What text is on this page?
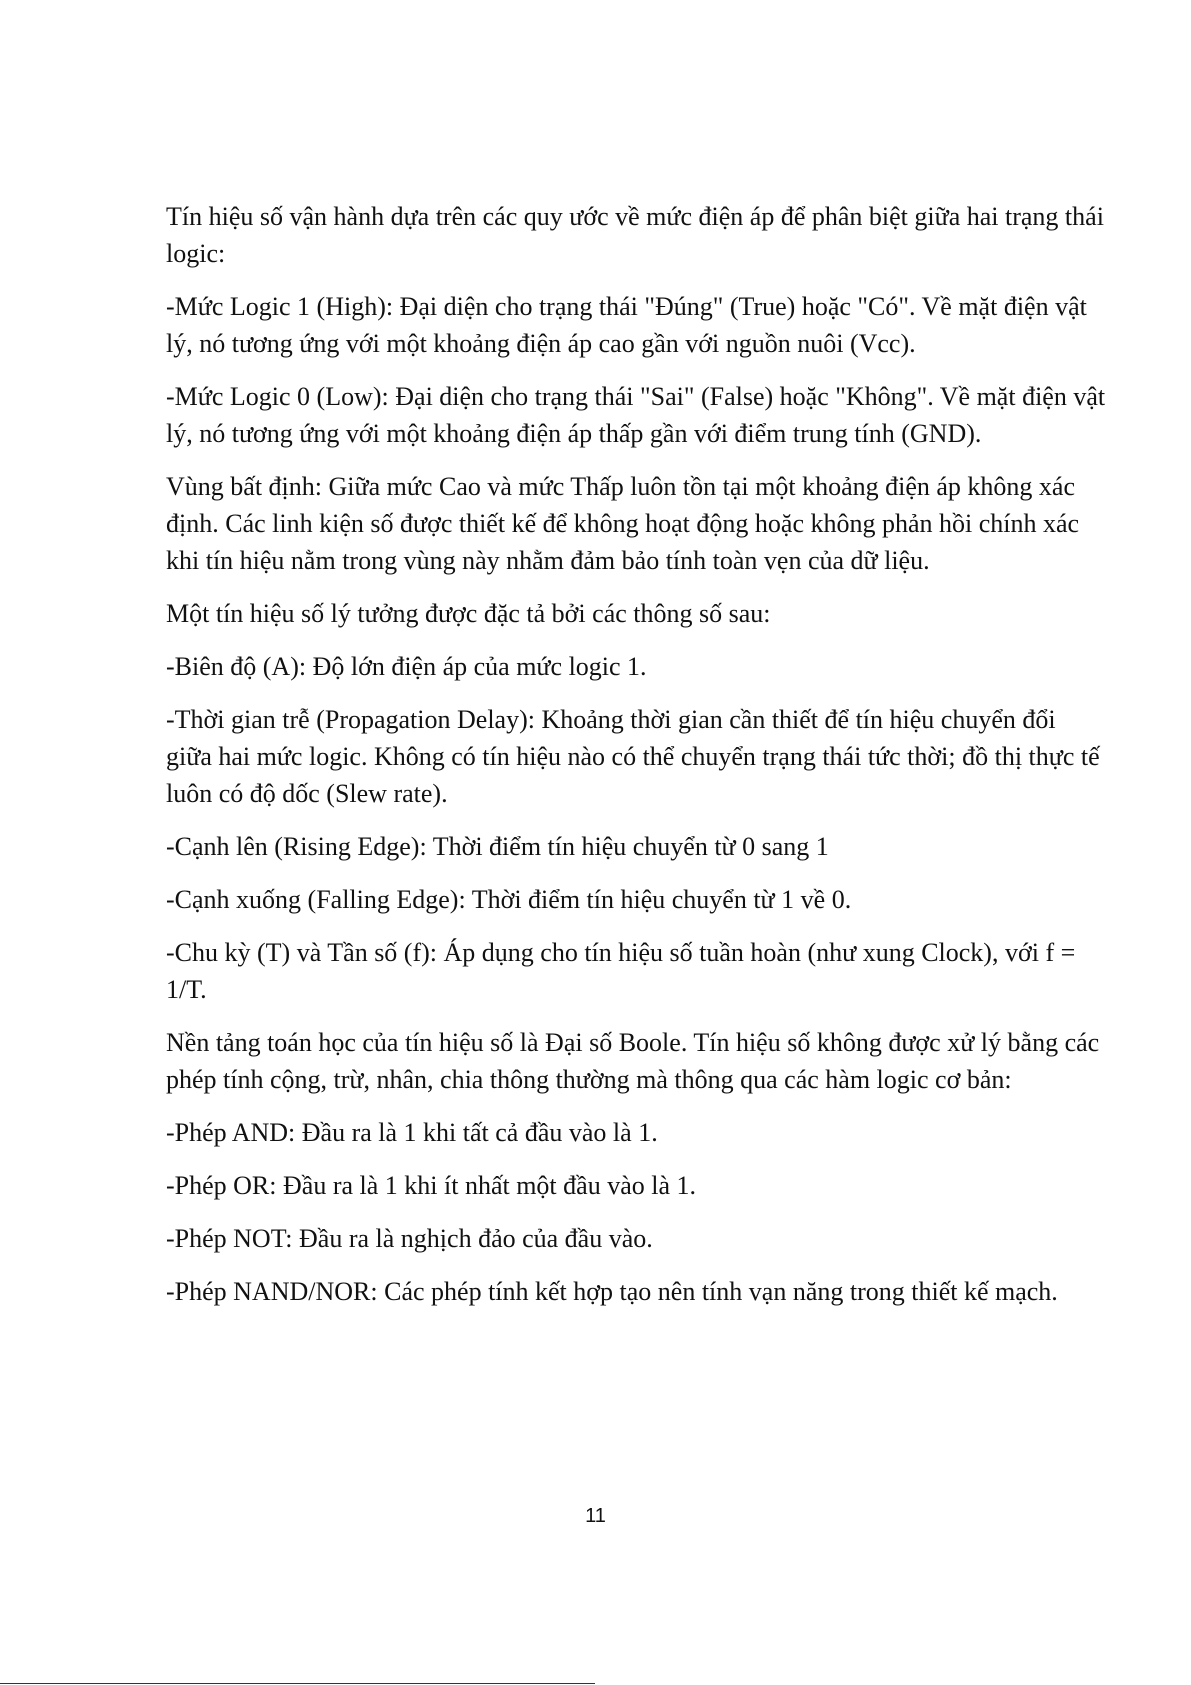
Tín hiệu số vận hành dựa trên các quy ước về mức điện áp để phân biệt giữa hai trạng thái logic:

-Mức Logic 1 (High): Đại diện cho trạng thái "Đúng" (True) hoặc "Có". Về mặt điện vật lý, nó tương ứng với một khoảng điện áp cao gần với nguồn nuôi (Vcc).

-Mức Logic 0 (Low): Đại diện cho trạng thái "Sai" (False) hoặc "Không". Về mặt điện vật lý, nó tương ứng với một khoảng điện áp thấp gần với điểm trung tính (GND).

Vùng bất định: Giữa mức Cao và mức Thấp luôn tồn tại một khoảng điện áp không xác định. Các linh kiện số được thiết kế để không hoạt động hoặc không phản hồi chính xác khi tín hiệu nằm trong vùng này nhằm đảm bảo tính toàn vẹn của dữ liệu.

Một tín hiệu số lý tưởng được đặc tả bởi các thông số sau:

-Biên độ (A): Độ lớn điện áp của mức logic 1.

-Thời gian trễ (Propagation Delay): Khoảng thời gian cần thiết để tín hiệu chuyển đổi giữa hai mức logic. Không có tín hiệu nào có thể chuyển trạng thái tức thời; đồ thị thực tế luôn có độ dốc (Slew rate).

-Cạnh lên (Rising Edge): Thời điểm tín hiệu chuyển từ 0 sang 1

-Cạnh xuống (Falling Edge): Thời điểm tín hiệu chuyển từ 1 về 0.

-Chu kỳ (T) và Tần số (f): Áp dụng cho tín hiệu số tuần hoàn (như xung Clock), với f = 1/T.

Nền tảng toán học của tín hiệu số là Đại số Boole. Tín hiệu số không được xử lý bằng các phép tính cộng, trừ, nhân, chia thông thường mà thông qua các hàm logic cơ bản:

-Phép AND: Đầu ra là 1 khi tất cả đầu vào là 1.

-Phép OR: Đầu ra là 1 khi ít nhất một đầu vào là 1.

-Phép NOT: Đầu ra là nghịch đảo của đầu vào.

-Phép NAND/NOR: Các phép tính kết hợp tạo nên tính vạn năng trong thiết kế mạch.

11
